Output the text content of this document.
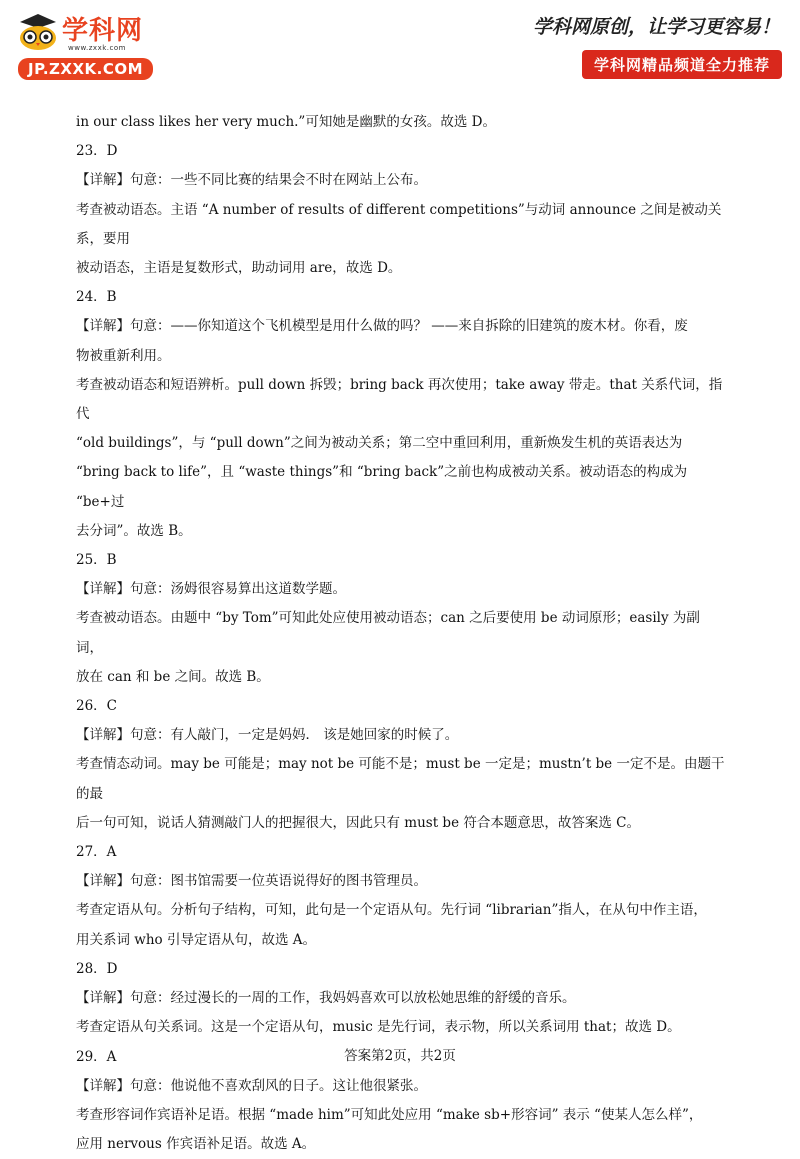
学科网
www.zxxk.com
JP.ZXXK.COM
学科网原创，让学习更容易！
学科网精品频道全力推荐

in our class likes her very much.”可知她是幽默的女孩。故选 D。

23．D

【详解】句意：一些不同比赛的结果会不时在网站上公布。

考查被动语态。主语 “A number of results of different competitions”与动词 announce 之间是被动关系，要用

被动语态，主语是复数形式，助动词用 are，故选 D。

24．B

【详解】句意：——你知道这个飞机模型是用什么做的吗？ ——来自拆除的旧建筑的废木材。你看，废

物被重新利用。

考查被动语态和短语辨析。pull down 拆毁；bring back 再次使用；take away 带走。that 关系代词，指代

“old buildings”，与 “pull down”之间为被动关系；第二空中重回利用，重新焕发生机的英语表达为

“bring back to life”，且 “waste things”和 “bring back”之前也构成被动关系。被动语态的构成为 “be+过

去分词”。故选 B。

25．B

【详解】句意：汤姆很容易算出这道数学题。

考查被动语态。由题中 “by Tom”可知此处应使用被动语态；can 之后要使用 be 动词原形；easily 为副词，

放在 can 和 be 之间。故选 B。

26．C

【详解】句意：有人敲门，一定是妈妈． 该是她回家的时候了。

考查情态动词。may be 可能是；may not be 可能不是；must be 一定是；mustn’t be 一定不是。由题干的最

后一句可知，说话人猜测敲门人的把握很大，因此只有 must be 符合本题意思，故答案选 C。

27．A

【详解】句意：图书馆需要一位英语说得好的图书管理员。

考查定语从句。分析句子结构，可知，此句是一个定语从句。先行词 “librarian”指人，在从句中作主语，

用关系词 who 引导定语从句，故选 A。

28．D

【详解】句意：经过漫长的一周的工作，我妈妈喜欢可以放松她思维的舒缓的音乐。

考查定语从句关系词。这是一个定语从句，music 是先行词，表示物，所以关系词用 that；故选 D。

29．A

【详解】句意：他说他不喜欢刮风的日子。这让他很紧张。

考查形容词作宾语补足语。根据 “made him”可知此处应用 “make sb+形容词” 表示 “使某人怎么样”，

应用 nervous 作宾语补足语。故选 A。

答案第2页，共2页
